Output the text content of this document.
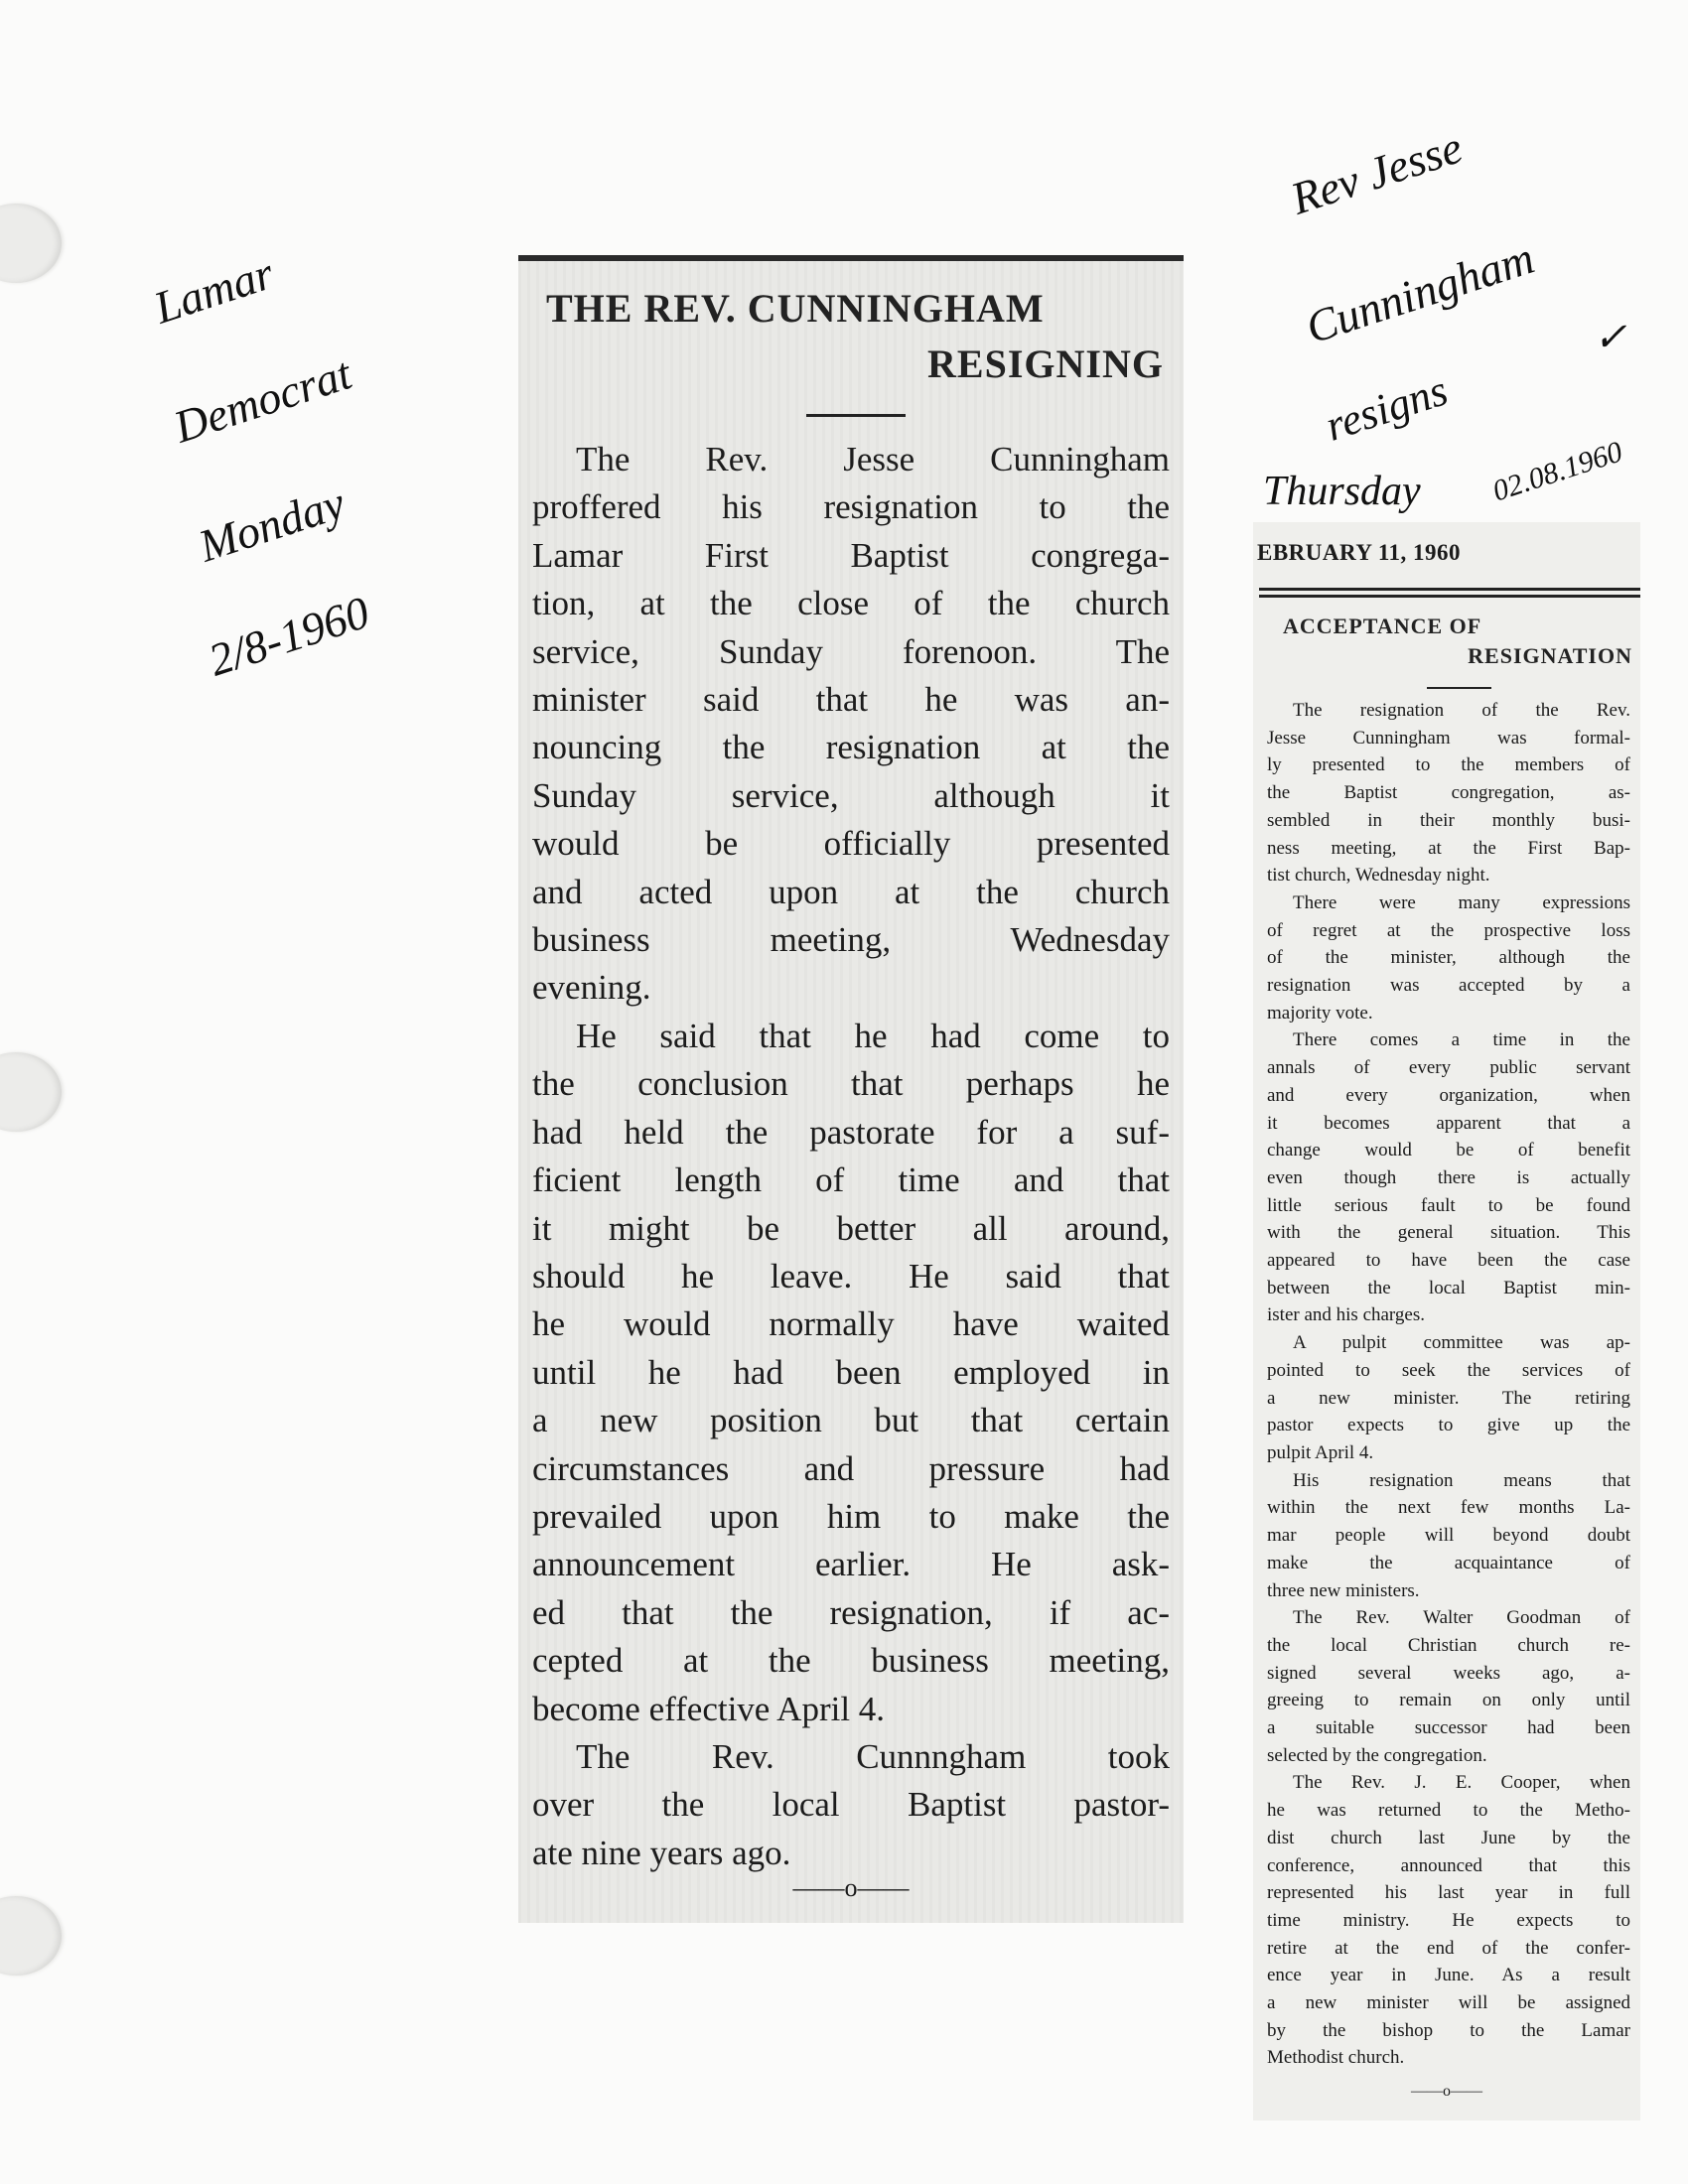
Lamar
Democrat
Monday
2/8-1960
Rev Jesse
Cunningham
resigns
02.08.1960
✓
Thursday
THE REV. CUNNINGHAM
RESIGNING
The Rev. Jesse Cunningham
proffered his resignation to the
Lamar First Baptist congrega-
tion, at the close of the church
service, Sunday forenoon. The
minister said that he was an-
nouncing the resignation at the
Sunday service, although it
would be officially presented
and acted upon at the church
business meeting, Wednesday
evening.
He said that he had come to
the conclusion that perhaps he
had held the pastorate for a suf-
ficient length of time and that
it might be better all around,
should he leave. He said that
he would normally have waited
until he had been employed in
a new position but that certain
circumstances and pressure had
prevailed upon him to make the
announcement earlier. He ask-
ed that the resignation, if ac-
cepted at the business meeting,
become effective April 4.
The Rev. Cunnngham took
over the local Baptist pastor-
ate nine years ago.
——o——
EBRUARY 11, 1960
ACCEPTANCE OF
RESIGNATION
The resignation of the Rev.
Jesse Cunningham was formal-
ly presented to the members of
the Baptist congregation, as-
sembled in their monthly busi-
ness meeting, at the First Bap-
tist church, Wednesday night.
There were many expressions
of regret at the prospective loss
of the minister, although the
resignation was accepted by a
majority vote.
There comes a time in the
annals of every public servant
and every organization, when
it becomes apparent that a
change would be of benefit
even though there is actually
little serious fault to be found
with the general situation. This
appeared to have been the case
between the local Baptist min-
ister and his charges.
A pulpit committee was ap-
pointed to seek the services of
a new minister. The retiring
pastor expects to give up the
pulpit April 4.
His resignation means that
within the next few months La-
mar people will beyond doubt
make the acquaintance of
three new ministers.
The Rev. Walter Goodman of
the local Christian church re-
signed several weeks ago, a-
greeing to remain on only until
a suitable successor had been
selected by the congregation.
The Rev. J. E. Cooper, when
he was returned to the Metho-
dist church last June by the
conference, announced that this
represented his last year in full
time ministry. He expects to
retire at the end of the confer-
ence year in June. As a result
a new minister will be assigned
by the bishop to the Lamar
Methodist church.
——o——
